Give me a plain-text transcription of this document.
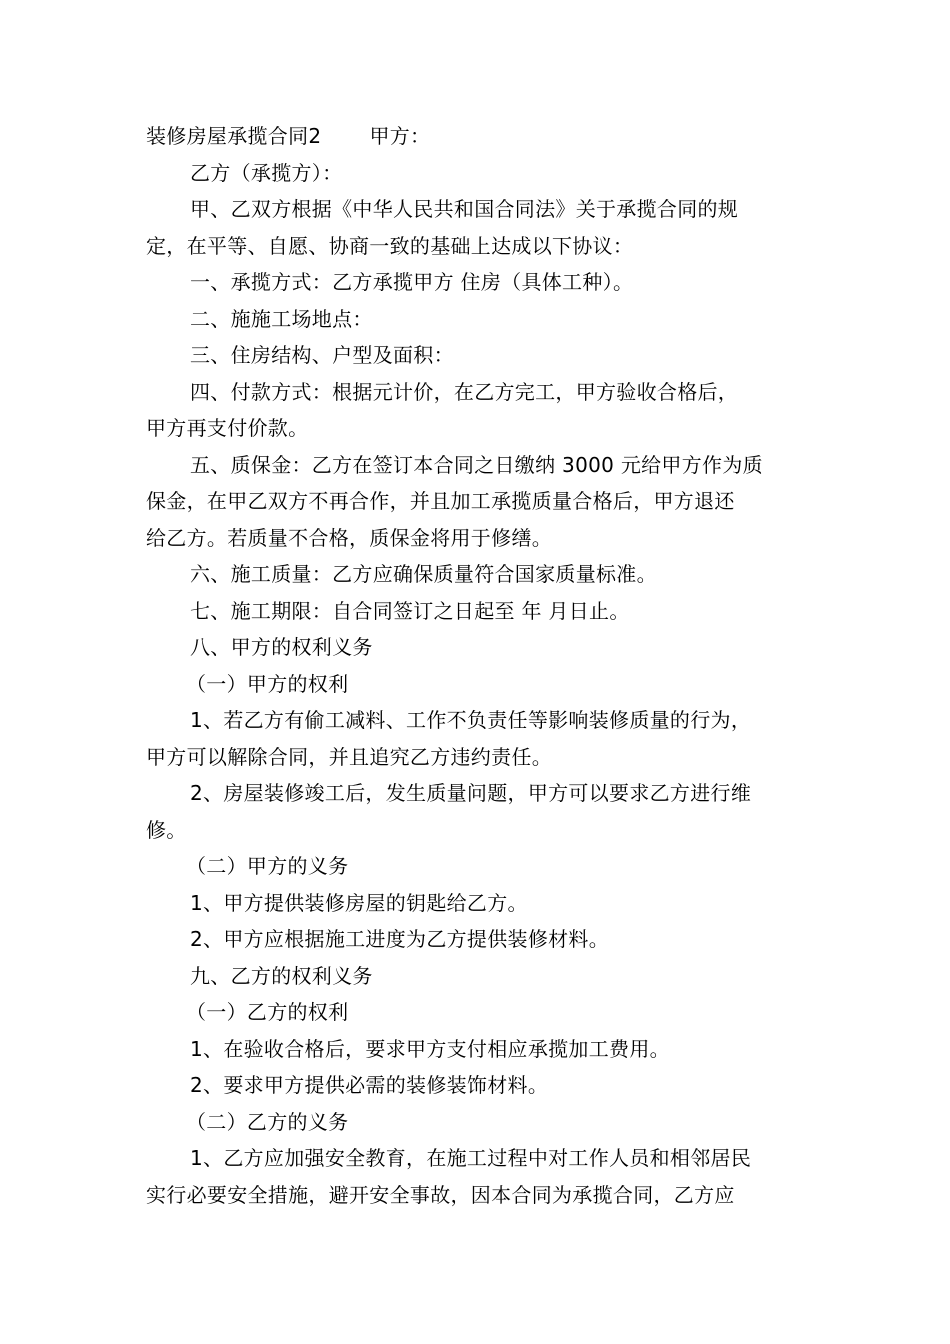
装修房屋承揽合同2 甲方：
乙方（承揽方）：
甲、乙双方根据《中华人民共和国合同法》关于承揽合同的规
定，在平等、自愿、协商一致的基础上达成以下协议：
一、承揽方式：乙方承揽甲方 住房（具体工种）。
二、施施工场地点：
三、住房结构、户型及面积：
四、付款方式：根据元计价，在乙方完工，甲方验收合格后，
甲方再支付价款。
五、质保金：乙方在签订本合同之日缴纳 3000 元给甲方作为质
保金，在甲乙双方不再合作，并且加工承揽质量合格后，甲方退还
给乙方。若质量不合格，质保金将用于修缮。
六、施工质量：乙方应确保质量符合国家质量标准。
七、施工期限：自合同签订之日起至 年 月日止。
八、甲方的权利义务
（一）甲方的权利
1、若乙方有偷工减料、工作不负责任等影响装修质量的行为，
甲方可以解除合同，并且追究乙方违约责任。
2、房屋装修竣工后，发生质量问题，甲方可以要求乙方进行维
修。
（二）甲方的义务
1、甲方提供装修房屋的钥匙给乙方。
2、甲方应根据施工进度为乙方提供装修材料。
九、乙方的权利义务
（一）乙方的权利
1、在验收合格后，要求甲方支付相应承揽加工费用。
2、要求甲方提供必需的装修装饰材料。
（二）乙方的义务
1、乙方应加强安全教育，在施工过程中对工作人员和相邻居民
实行必要安全措施，避开安全事故，因本合同为承揽合同，乙方应
